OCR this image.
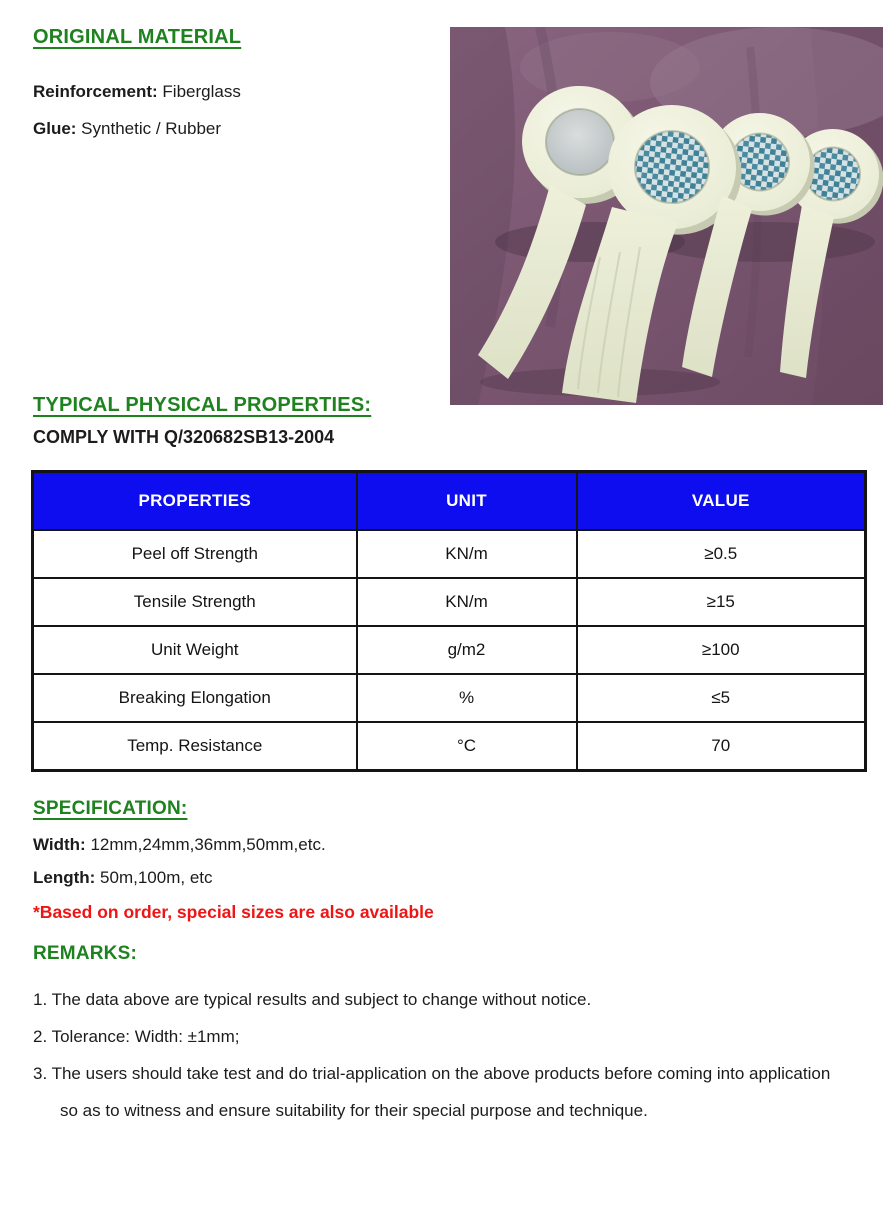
ORIGINAL MATERIAL

Reinforcement: Fiberglass

Glue: Synthetic / Rubber

TYPICAL PHYSICAL PROPERTIES:

COMPLY WITH Q/320682SB13-2004

PROPERTIES	UNIT	VALUE
Peel off Strength	KN/m	≥0.5
Tensile Strength	KN/m	≥15
Unit Weight	g/m2	≥100
Breaking Elongation	%	≤5
Temp. Resistance	°C	70
SPECIFICATION:

Width: 12mm,24mm,36mm,50mm,etc.

Length: 50m,100m, etc

*Based on order, special sizes are also available

REMARKS:
1. The data above are typical results and subject to change without notice.
2. Tolerance: Width: ±1mm;
3. The users should take test and do trial-application on the above products before coming into application so as to witness and ensure suitability for their special purpose and technique.
